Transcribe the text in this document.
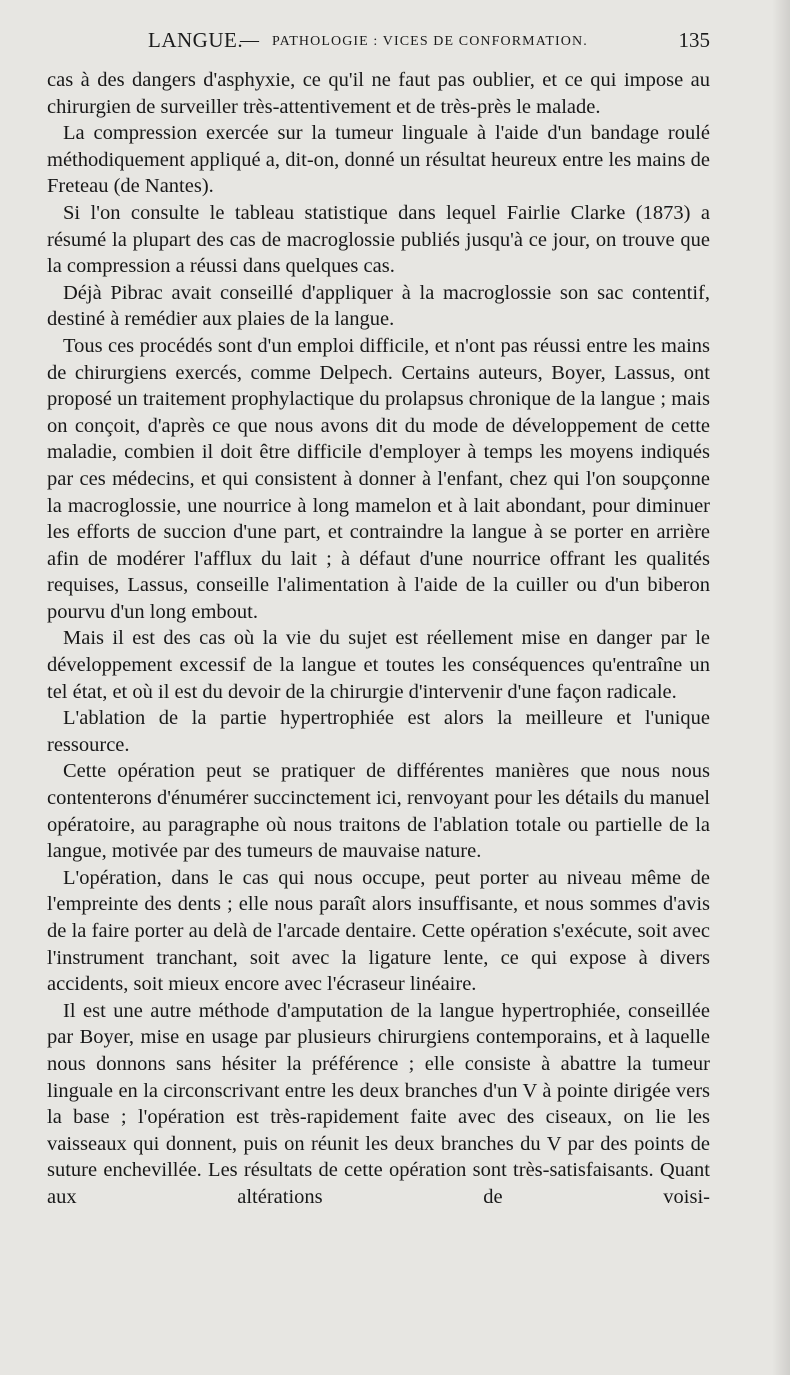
LANGUE.
— PATHOLOGIE : VICES DE CONFORMATION.	135

cas à des dangers d'asphyxie, ce qu'il ne faut pas oublier, et ce qui impose au chirurgien de surveiller très-attentivement et de très-près le malade.

La compression exercée sur la tumeur linguale à l'aide d'un bandage roulé méthodiquement appliqué a, dit-on, donné un résultat heureux entre les mains de Freteau (de Nantes).

Si l'on consulte le tableau statistique dans lequel Fairlie Clarke (1873) a résumé la plupart des cas de macroglossie publiés jusqu'à ce jour, on trouve que la compression a réussi dans quelques cas.

Déjà Pibrac avait conseillé d'appliquer à la macroglossie son sac contentif, destiné à remédier aux plaies de la langue.

Tous ces procédés sont d'un emploi difficile, et n'ont pas réussi entre les mains de chirurgiens exercés, comme Delpech. Certains auteurs, Boyer, Lassus, ont proposé un traitement prophylactique du prolapsus chronique de la langue ; mais on conçoit, d'après ce que nous avons dit du mode de développement de cette maladie, combien il doit être difficile d'employer à temps les moyens indiqués par ces médecins, et qui consistent à donner à l'enfant, chez qui l'on soupçonne la macroglossie, une nourrice à long mamelon et à lait abondant, pour diminuer les efforts de succion d'une part, et contraindre la langue à se porter en arrière afin de modérer l'afflux du lait ; à défaut d'une nourrice offrant les qualités requises, Lassus, conseille l'alimentation à l'aide de la cuiller ou d'un biberon pourvu d'un long embout.

Mais il est des cas où la vie du sujet est réellement mise en danger par le développement excessif de la langue et toutes les conséquences qu'entraîne un tel état, et où il est du devoir de la chirurgie d'intervenir d'une façon radicale.

L'ablation de la partie hypertrophiée est alors la meilleure et l'unique ressource.

Cette opération peut se pratiquer de différentes manières que nous nous contenterons d'énumérer succinctement ici, renvoyant pour les détails du manuel opératoire, au paragraphe où nous traitons de l'ablation totale ou partielle de la langue, motivée par des tumeurs de mauvaise nature.

L'opération, dans le cas qui nous occupe, peut porter au niveau même de l'empreinte des dents ; elle nous paraît alors insuffisante, et nous sommes d'avis de la faire porter au delà de l'arcade dentaire. Cette opération s'exécute, soit avec l'instrument tranchant, soit avec la ligature lente, ce qui expose à divers accidents, soit mieux encore avec l'écraseur linéaire.

Il est une autre méthode d'amputation de la langue hypertrophiée, conseillée par Boyer, mise en usage par plusieurs chirurgiens contemporains, et à laquelle nous donnons sans hésiter la préférence ; elle consiste à abattre la tumeur linguale en la circonscrivant entre les deux branches d'un V à pointe dirigée vers la base ; l'opération est très-rapidement faite avec des ciseaux, on lie les vaisseaux qui donnent, puis on réunit les deux branches du V par des points de suture enchevillée. Les résultats de cette opération sont très-satisfaisants. Quant aux altérations de voisi-
